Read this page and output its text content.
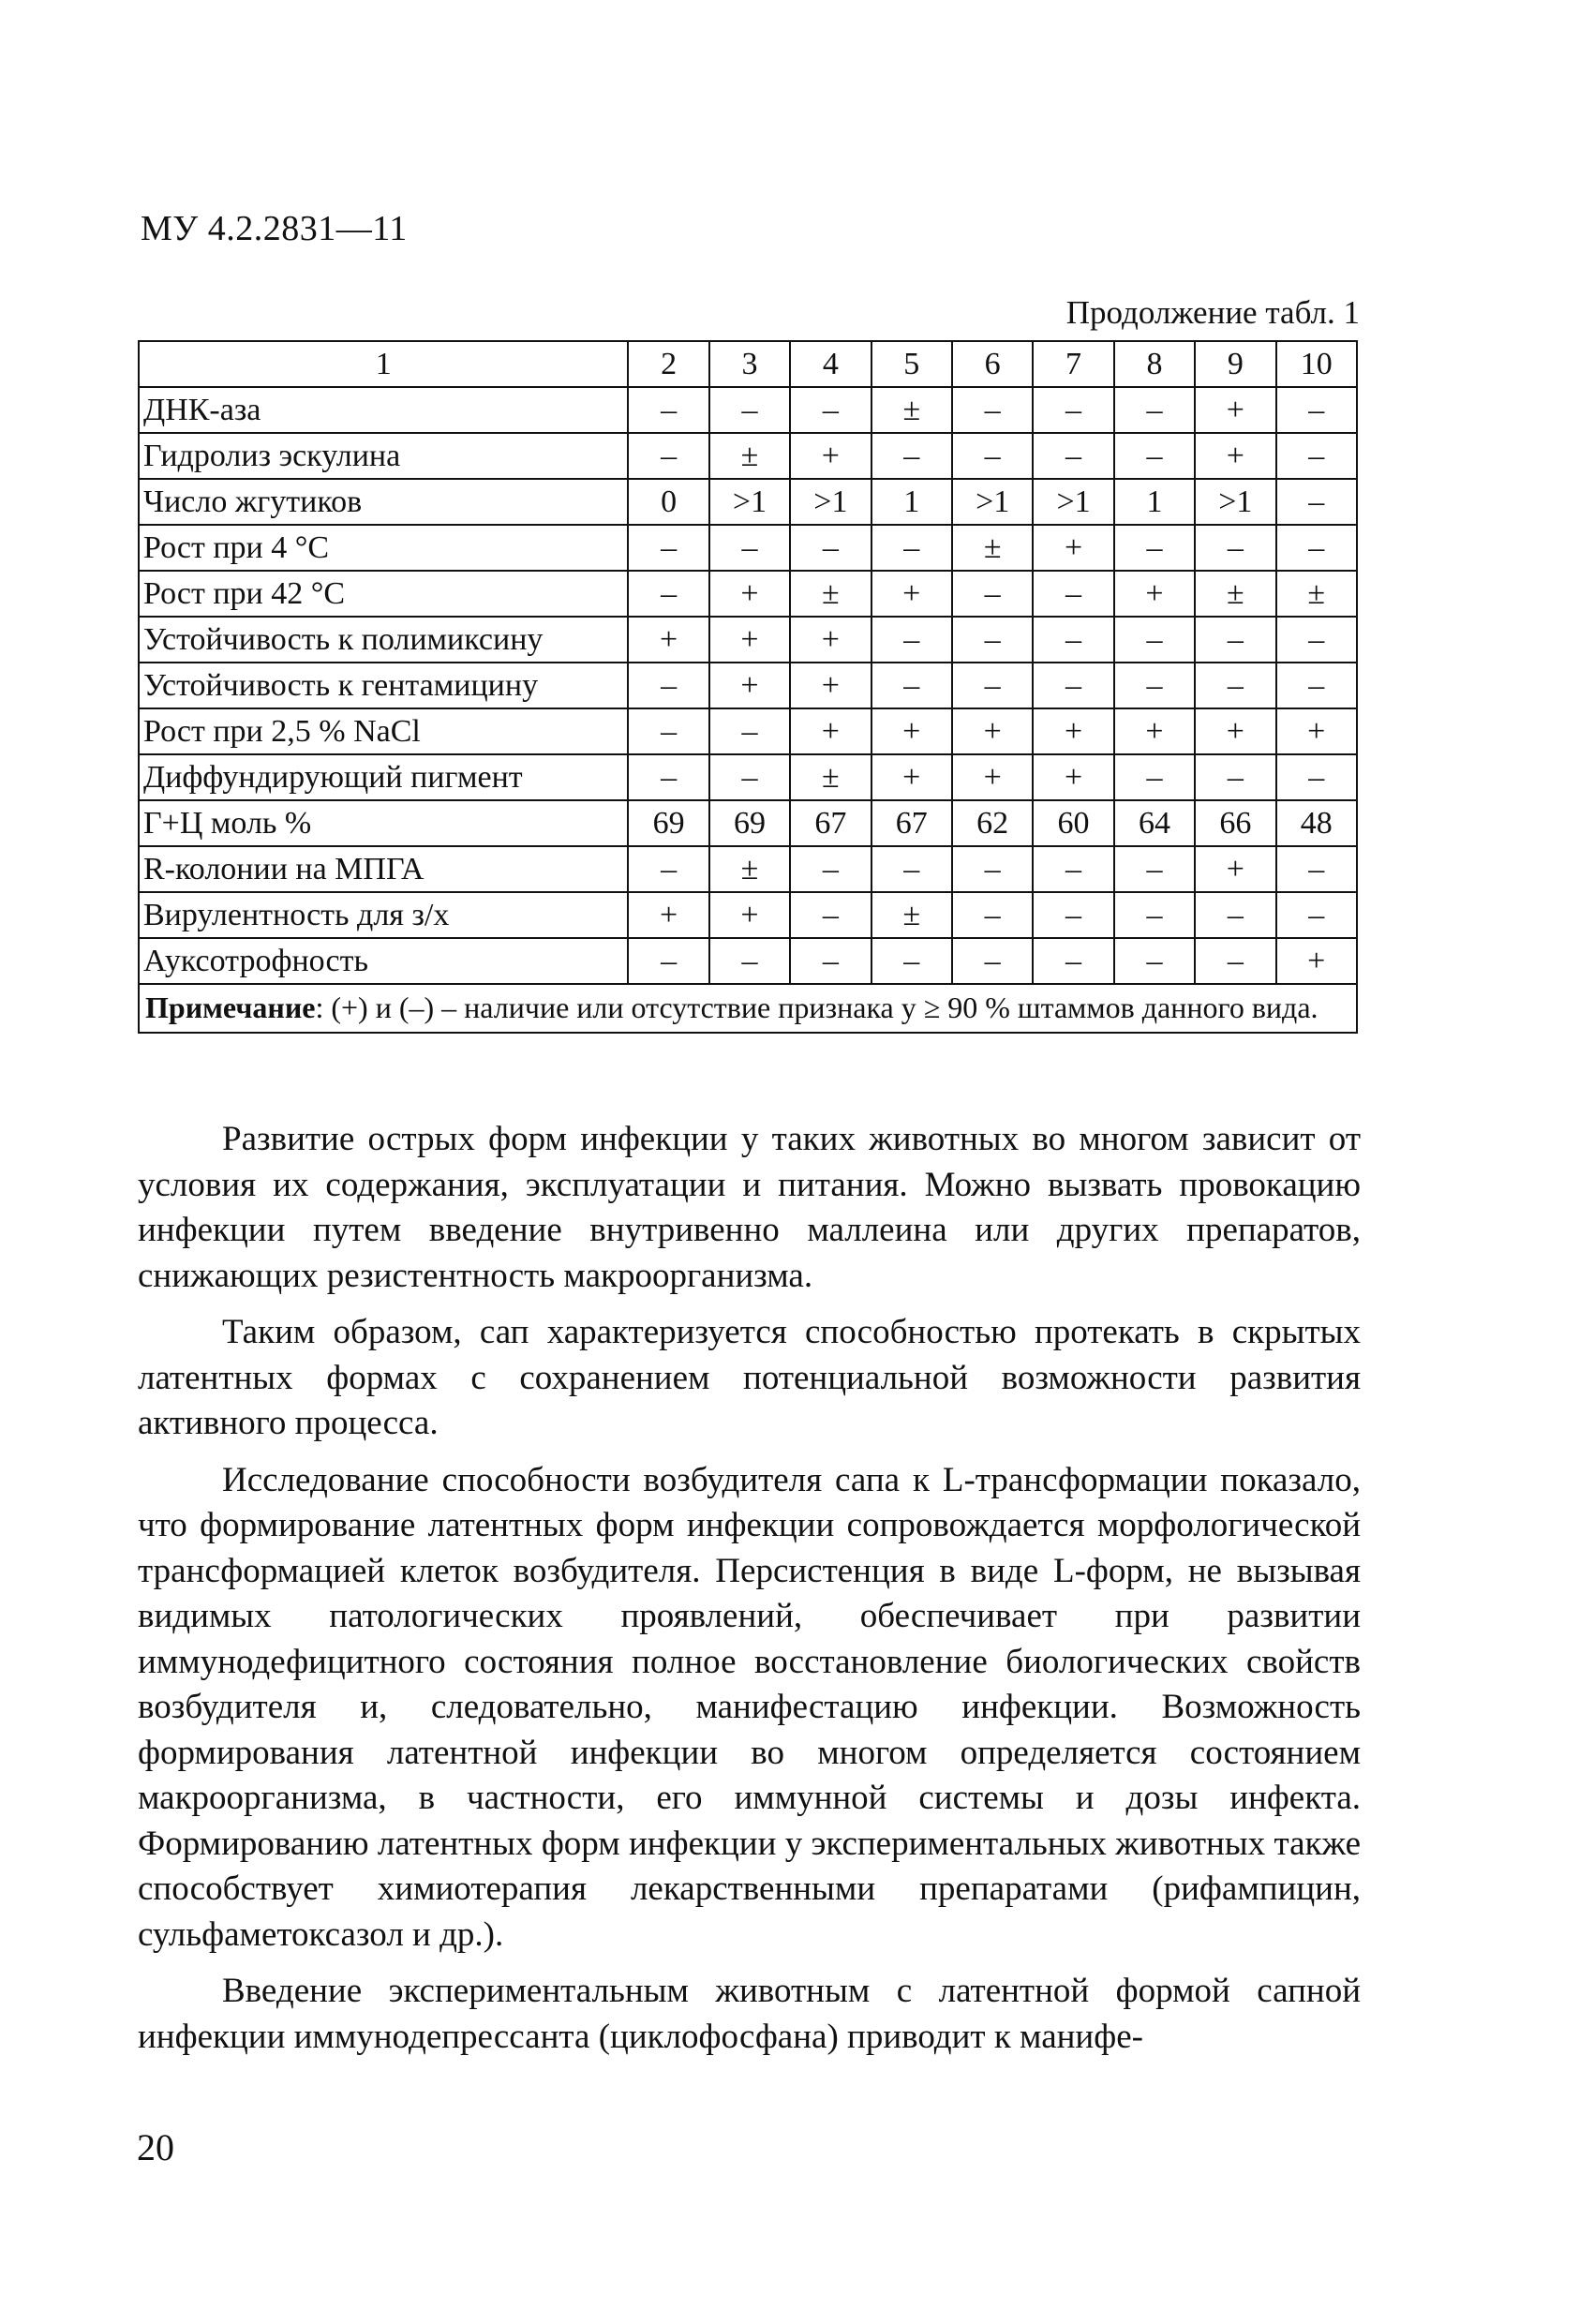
МУ 4.2.2831—11
Продолжение табл. 1
1	2	3	4	5	6	7	8	9	10
ДНК-аза	–	–	–	±	–	–	–	+	–
Гидролиз эскулина	–	±	+	–	–	–	–	+	–
Число жгутиков	0	>1	>1	1	>1	>1	1	>1	–
Рост при 4 °С	–	–	–	–	±	+	–	–	–
Рост при 42 °С	–	+	±	+	–	–	+	±	±
Устойчивость к полимиксину	+	+	+	–	–	–	–	–	–
Устойчивость к гентамицину	–	+	+	–	–	–	–	–	–
Рост при 2,5 % NaCl	–	–	+	+	+	+	+	+	+
Диффундирующий пигмент	–	–	±	+	+	+	–	–	–
Г+Ц моль %	69	69	67	67	62	60	64	66	48
R-колонии на МПГА	–	±	–	–	–	–	–	+	–
Вирулентность для з/х	+	+	–	±	–	–	–	–	–
Ауксотрофность	–	–	–	–	–	–	–	–	+
Примечание: (+) и (–) – наличие или отсутствие признака у ≥ 90 % штаммов данного вида.									

Развитие острых форм инфекции у таких животных во многом зависит от условия их содержания, эксплуатации и питания. Можно вызвать провокацию инфекции путем введение внутривенно маллеина или других препаратов, снижающих резистентность макроорганизма.

Таким образом, сап характеризуется способностью протекать в скрытых латентных формах с сохранением потенциальной возможности развития активного процесса.

Исследование способности возбудителя сапа к L-трансформации показало, что формирование латентных форм инфекции сопровождается морфологической трансформацией клеток возбудителя. Персистенция в виде L-форм, не вызывая видимых патологических проявлений, обеспечивает при развитии иммунодефицитного состояния полное восстановление биологических свойств возбудителя и, следовательно, манифестацию инфекции. Возможность формирования латентной инфекции во многом определяется состоянием макроорганизма, в частности, его иммунной системы и дозы инфекта. Формированию латентных форм инфекции у экспериментальных животных также способствует химиотерапия лекарственными препаратами (рифампицин, сульфаметоксазол и др.).

Введение экспериментальным животным с латентной формой сапной инфекции иммунодепрессанта (циклофосфана) приводит к манифе-

20
